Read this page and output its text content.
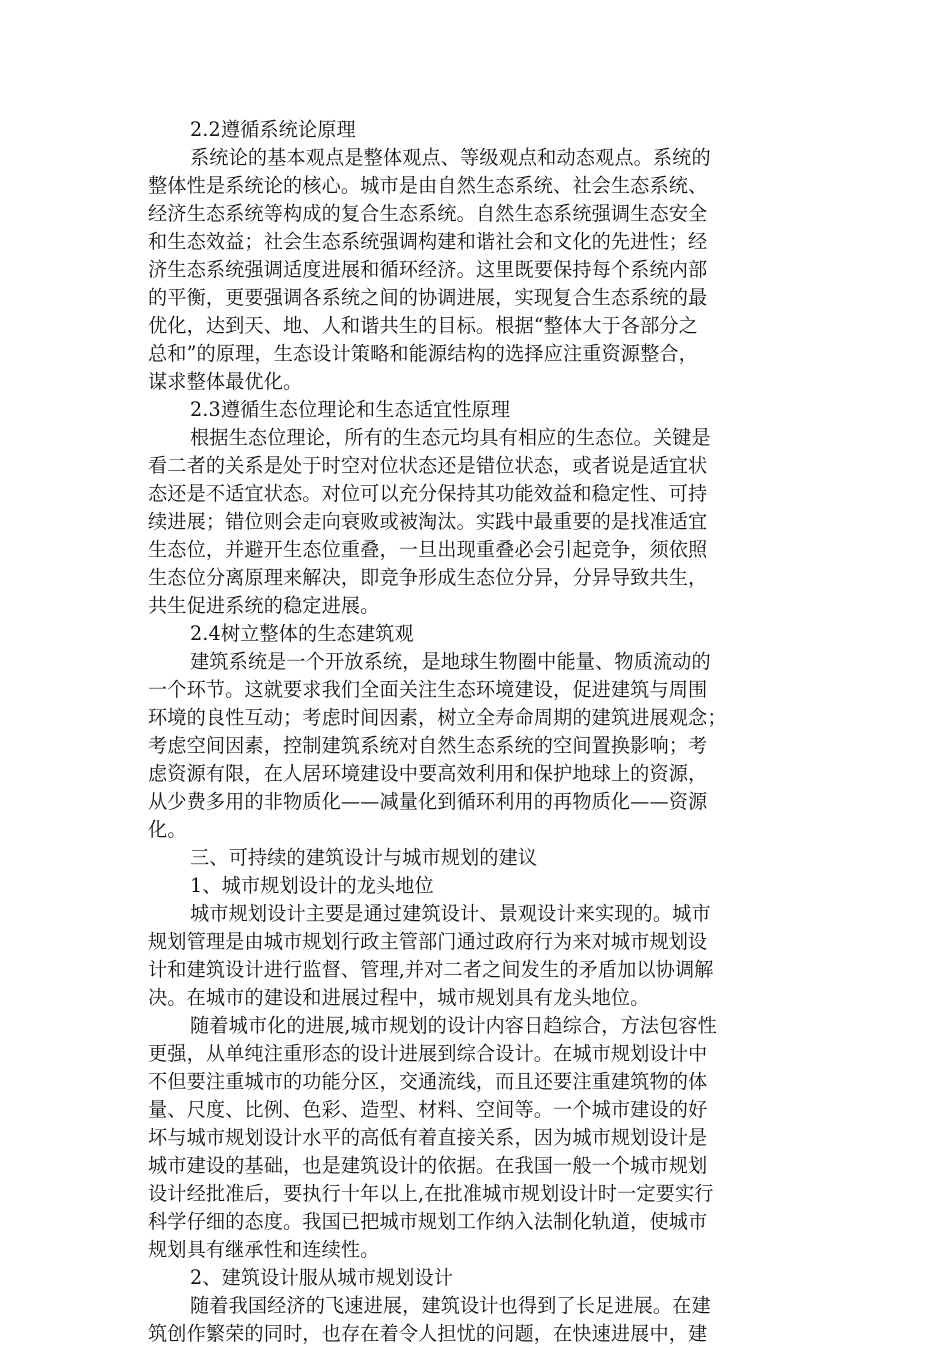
2.2遵循系统论原理
系统论的基本观点是整体观点、等级观点和动态观点。系统的
整体性是系统论的核心。城市是由自然生态系统、社会生态系统、
经济生态系统等构成的复合生态系统。自然生态系统强调生态安全
和生态效益；社会生态系统强调构建和谐社会和文化的先进性；经
济生态系统强调适度进展和循环经济。这里既要保持每个系统内部
的平衡，更要强调各系统之间的协调进展，实现复合生态系统的最
优化，达到天、地、人和谐共生的目标。根据“整体大于各部分之
总和”的原理，生态设计策略和能源结构的选择应注重资源整合，
谋求整体最优化。
2.3遵循生态位理论和生态适宜性原理
根据生态位理论，所有的生态元均具有相应的生态位。关键是
看二者的关系是处于时空对位状态还是错位状态，或者说是适宜状
态还是不适宜状态。对位可以充分保持其功能效益和稳定性、可持
续进展；错位则会走向衰败或被淘汰。实践中最重要的是找准适宜
生态位，并避开生态位重叠，一旦出现重叠必会引起竞争，须依照
生态位分离原理来解决，即竞争形成生态位分异，分异导致共生，
共生促进系统的稳定进展。
2.4树立整体的生态建筑观
建筑系统是一个开放系统，是地球生物圈中能量、物质流动的
一个环节。这就要求我们全面关注生态环境建设，促进建筑与周围
环境的良性互动；考虑时间因素，树立全寿命周期的建筑进展观念；
考虑空间因素，控制建筑系统对自然生态系统的空间置换影响；考
虑资源有限，在人居环境建设中要高效利用和保护地球上的资源，
从少费多用的非物质化——减量化到循环利用的再物质化——资源
化。
三、可持续的建筑设计与城市规划的建议
1、城市规划设计的龙头地位
城市规划设计主要是通过建筑设计、景观设计来实现的。城市
规划管理是由城市规划行政主管部门通过政府行为来对城市规划设
计和建筑设计进行监督、管理,并对二者之间发生的矛盾加以协调解
决。在城市的建设和进展过程中，城市规划具有龙头地位。
随着城市化的进展,城市规划的设计内容日趋综合，方法包容性
更强，从单纯注重形态的设计进展到综合设计。在城市规划设计中
不但要注重城市的功能分区，交通流线，而且还要注重建筑物的体
量、尺度、比例、色彩、造型、材料、空间等。一个城市建设的好
坏与城市规划设计水平的高低有着直接关系，因为城市规划设计是
城市建设的基础，也是建筑设计的依据。在我国一般一个城市规划
设计经批准后，要执行十年以上,在批准城市规划设计时一定要实行
科学仔细的态度。我国已把城市规划工作纳入法制化轨道，使城市
规划具有继承性和连续性。
2、建筑设计服从城市规划设计
随着我国经济的飞速进展，建筑设计也得到了长足进展。在建
筑创作繁荣的同时，也存在着令人担忧的问题，在快速进展中，建
